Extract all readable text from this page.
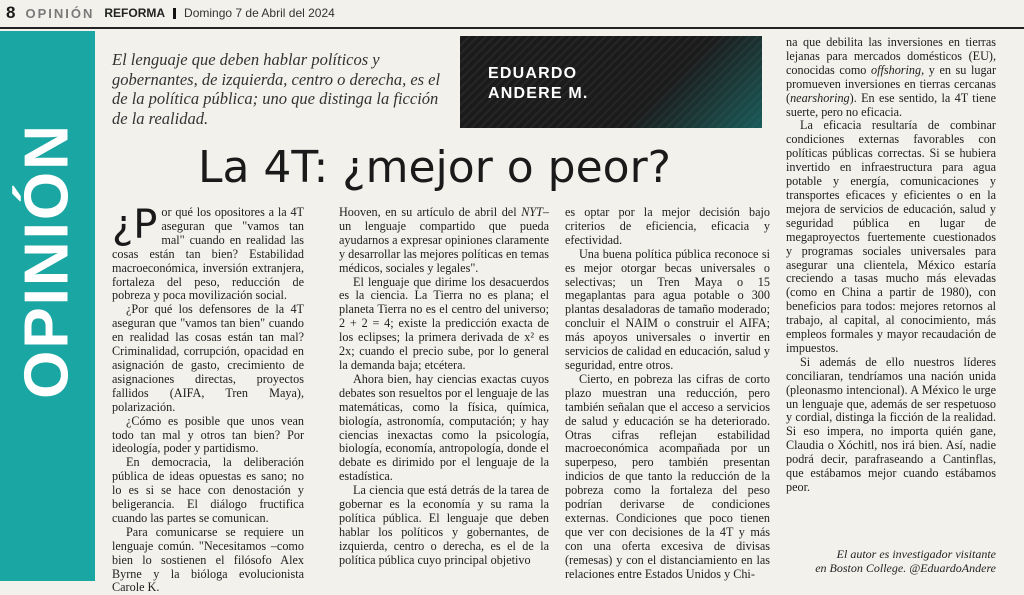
8 OPINIÓN REFORMA Domingo 7 de Abril del 2024
OPINIÓN
El lenguaje que deben hablar políticos y gobernantes, de izquierda, centro o derecha, es el de la política pública; uno que distinga la ficción de la realidad.
EDUARDO
ANDERE M.
La 4T: ¿mejor o peor?

¿P or qué los opositores a la 4T aseguran que "vamos tan mal" cuando en realidad las cosas están tan bien? Estabilidad macroeconómica, inversión extranjera, fortaleza del peso, reducción de pobreza y poca movilización social.

¿Por qué los defensores de la 4T aseguran que "vamos tan bien" cuando en realidad las cosas están tan mal? Criminalidad, corrupción, opacidad en asignación de gasto, crecimiento de asignaciones directas, proyectos fallidos (AIFA, Tren Maya), polarización.

¿Cómo es posible que unos vean todo tan mal y otros tan bien? Por ideología, poder y partidismo.

En democracia, la deliberación pública de ideas opuestas es sano; no lo es si se hace con denostación y beligerancia. El diálogo fructifica cuando las partes se comunican.

Para comunicarse se requiere un lenguaje común. "Necesitamos –como bien lo sostienen el filósofo Alex Byrne y la bióloga evolucionista Carole K.

Hooven, en su artículo de abril del NYT– un lenguaje compartido que pueda ayudarnos a expresar opiniones claramente y desarrollar las mejores políticas en temas médicos, sociales y legales".

El lenguaje que dirime los desacuerdos es la ciencia. La Tierra no es plana; el planeta Tierra no es el centro del universo; 2 + 2 = 4; existe la predicción exacta de los eclipses; la primera derivada de x² es 2x; cuando el precio sube, por lo general la demanda baja; etcétera.

Ahora bien, hay ciencias exactas cuyos debates son resueltos por el lenguaje de las matemáticas, como la física, química, biología, astronomía, computación; y hay ciencias inexactas como la psicología, biología, economía, antropología, donde el debate es dirimido por el lenguaje de la estadística.

La ciencia que está detrás de la tarea de gobernar es la economía y su rama la política pública. El lenguaje que deben hablar los políticos y gobernantes, de izquierda, centro o derecha, es el de la política pública cuyo principal objetivo

es optar por la mejor decisión bajo criterios de eficiencia, eficacia y efectividad.

Una buena política pública reconoce si es mejor otorgar becas universales o selectivas; un Tren Maya o 15 megaplantas para agua potable o 300 plantas desaladoras de tamaño moderado; concluir el NAIM o construir el AIFA; más apoyos universales o invertir en servicios de calidad en educación, salud y seguridad, entre otros.

Cierto, en pobreza las cifras de corto plazo muestran una reducción, pero también señalan que el acceso a servicios de salud y educación se ha deteriorado. Otras cifras reflejan estabilidad macroeconómica acompañada por un superpeso, pero también presentan indicios de que tanto la reducción de la pobreza como la fortaleza del peso podrían derivarse de condiciones externas. Condiciones que poco tienen que ver con decisiones de la 4T y más con una oferta excesiva de divisas (remesas) y con el distanciamiento en las relaciones entre Estados Unidos y Chi-

na que debilita las inversiones en tierras lejanas para mercados domésticos (EU), conocidas como offshoring, y en su lugar promueven inversiones en tierras cercanas (nearshoring). En ese sentido, la 4T tiene suerte, pero no eficacia.

La eficacia resultaría de combinar condiciones externas favorables con políticas públicas correctas. Si se hubiera invertido en infraestructura para agua potable y energía, comunicaciones y transportes eficaces y eficientes o en la mejora de servicios de educación, salud y seguridad pública en lugar de megaproyectos fuertemente cuestionados y programas sociales universales para asegurar una clientela, México estaría creciendo a tasas mucho más elevadas (como en China a partir de 1980), con beneficios para todos: mejores retornos al trabajo, al capital, al conocimiento, más empleos formales y mayor recaudación de impuestos.

Si además de ello nuestros líderes conciliaran, tendríamos una nación unida (pleonasmo intencional). A México le urge un lenguaje que, además de ser respetuoso y cordial, distinga la ficción de la realidad. Si eso impera, no importa quién gane, Claudia o Xóchitl, nos irá bien. Así, nadie podrá decir, parafraseando a Cantinflas, que estábamos mejor cuando estábamos peor.

El autor es investigador visitante
en Boston College. @EduardoAndere
